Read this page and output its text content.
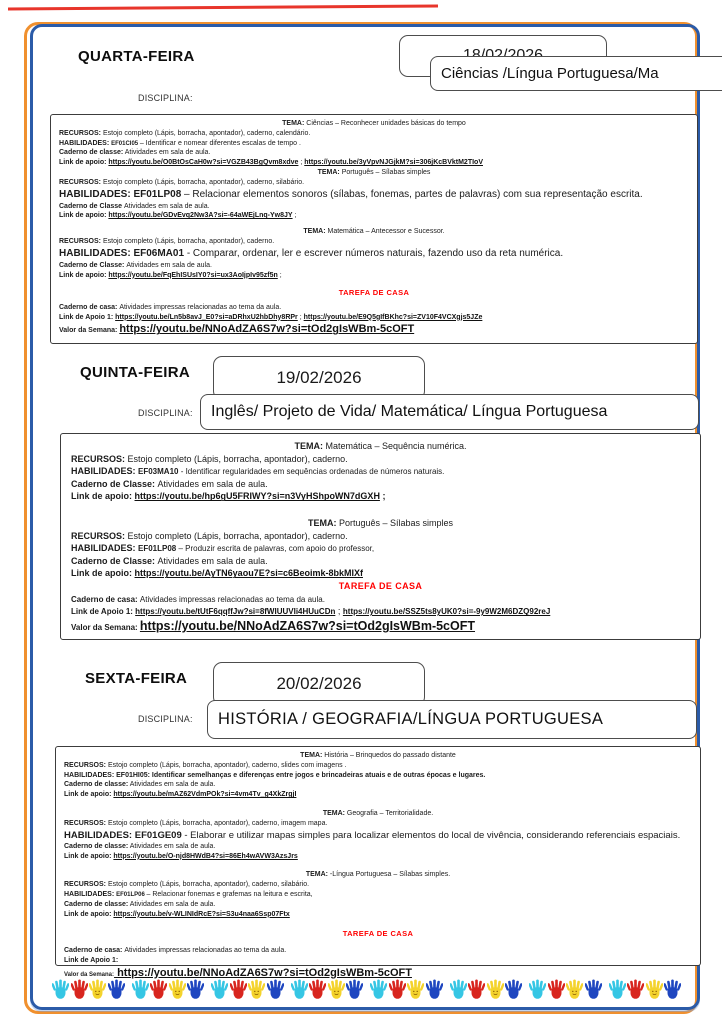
QUARTA-FEIRA
Ciências /Língua Portuguesa/Ma
DISCIPLINA:
TEMA: Ciências – Reconhecer unidades básicas do tempo
RECURSOS: Estojo completo (Lápis, borracha, apontador), caderno, calendário.
HABILIDADES: EF01CI05 – Identificar e nomear diferentes escalas de tempo .
Caderno de classe: Atividades em sala de aula.
Link de apoio: https://youtu.be/O0BtOsCaH0w?si=VGZB43BgQvm8xdve ; https://youtu.be/3yVpvNJGjkM?si=306jKcBVktM2TIoV
TEMA: Português – Sílabas simples
RECURSOS: Estojo completo (Lápis, borracha, apontador), caderno, silabário.
HABILIDADES: EF01LP08 – Relacionar elementos sonoros (sílabas, fonemas, partes de palavras) com sua representação escrita.
Caderno de Classe Atividades em sala de aula.
Link de apoio: https://youtu.be/GDvEvq2Nw3A?si=-64aWEjLnq-Yw8JY ;
TEMA: Matemática – Antecessor e Sucessor.
RECURSOS: Estojo completo (Lápis, borracha, apontador), caderno.
HABILIDADES: EF06MA01 - Comparar, ordenar, ler e escrever números naturais, fazendo uso da reta numérica.
Caderno de Classe: Atividades em sala de aula.
Link de apoio: https://youtu.be/FqEhISUsIY0?si=ux3AoIjpIv95zf5n ;
TAREFA DE CASA
Caderno de casa: Atividades impressas relacionadas ao tema da aula.
Link de Apoio 1: https://youtu.be/Ln5b8avJ_E0?si=aDRhxU2hbDhy8RPr ; https://youtu.be/E9Q5gIfBKhc?si=ZV10F4VCXgjs5JZe
Valor da Semana: https://youtu.be/NNoAdZA6S7w?si=tOd2gIsWBm-5cOFT
QUINTA-FEIRA	19/02/2026
DISCIPLINA: Inglês/ Projeto de Vida/ Matemática/ Língua Portuguesa
TEMA: Matemática – Sequência numérica.
RECURSOS: Estojo completo (Lápis, borracha, apontador), caderno.
HABILIDADES: EF03MA10 - Identificar regularidades em sequências ordenadas de números naturais.
Caderno de Classe: Atividades em sala de aula.
Link de apoio: https://youtu.be/hp6gU5FRIWY?si=n3VyHShpoWN7dGXH ;
TEMA: Português – Sílabas simples
RECURSOS: Estojo completo (Lápis, borracha, apontador), caderno.
HABILIDADES: EF01LP08 – Produzir escrita de palavras, com apoio do professor,
Caderno de Classe: Atividades em sala de aula.
Link de apoio: https://youtu.be/AyTN6yaou7E?si=c6Beoimk-8bkMIXf
TAREFA DE CASA
Caderno de casa: Atividades impressas relacionadas ao tema da aula.
Link de Apoio 1: https://youtu.be/tUtF6qqffJw?si=8fWIUUVIi4HUuCDn ; https://youtu.be/SSZ5ts8yUK0?si=-9y9W2M6DZQ92reJ
Valor da Semana: https://youtu.be/NNoAdZA6S7w?si=tOd2gIsWBm-5cOFT
SEXTA-FEIRA	20/02/2026
DISCIPLINA: HISTÓRIA / GEOGRAFIA/LÍNGUA PORTUGUESA
TEMA: História – Brinquedos do passado distante
RECURSOS: Estojo completo (Lápis, borracha, apontador), caderno, slides com imagens .
HABILIDADES: EF01HI05: Identificar semelhanças e diferenças entre jogos e brincadeiras atuais e de outras épocas e lugares.
Caderno de classe: Atividades em sala de aula.
Link de apoio: https://youtu.be/mAZ62VdmPOk?si=4vm4Tv_g4XkZrgjI
TEMA: Geografia – Territorialidade.
RECURSOS: Estojo completo (Lápis, borracha, apontador), caderno, imagem mapa.
HABILIDADES: EF01GE09 - Elaborar e utilizar mapas simples para localizar elementos do local de vivência, considerando referenciais espaciais.
Caderno de classe: Atividades em sala de aula.
Link de apoio: https://youtu.be/O-njd8HWdB4?si=86Eh4wAVW3AzsJrs
TEMA: -Língua Portuguesa – Sílabas simples.
RECURSOS: Estojo completo (Lápis, borracha, apontador), caderno, silabário.
HABILIDADES: EF01LP06 – Relacionar fonemas e grafemas na leitura e escrita,
Caderno de classe: Atividades em sala de aula.
Link de apoio: https://youtu.be/v-WLINIdRcE?si=S3u4naa6Ssp07Ftx
TAREFA DE CASA
Caderno de casa: Atividades impressas relacionadas ao tema da aula.
Link de Apoio 1:
Valor da Semana: https://youtu.be/NNoAdZA6S7w?si=tOd2gIsWBm-5cOFT
